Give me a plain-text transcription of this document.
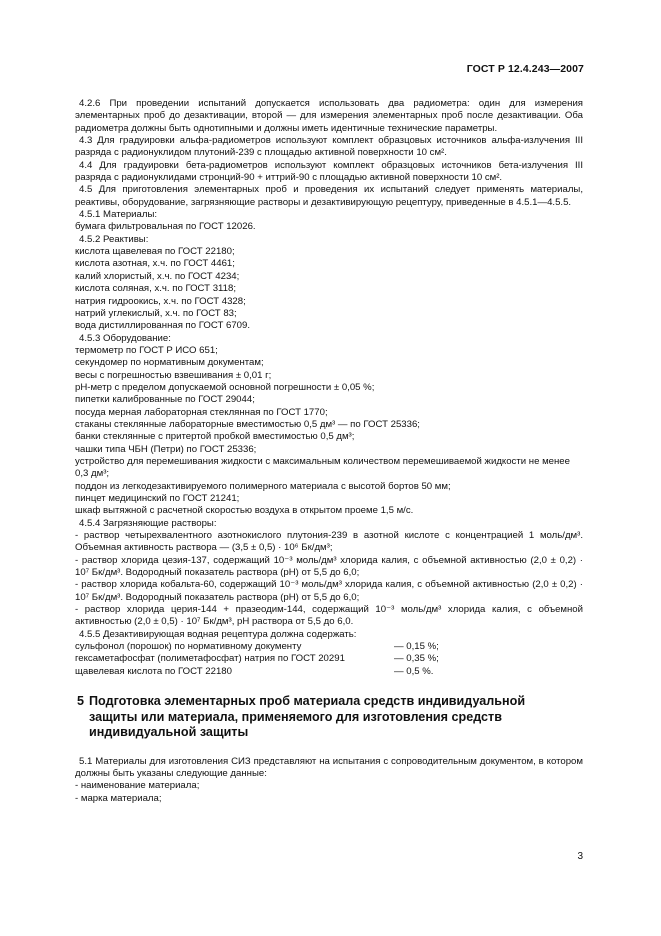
ГОСТ Р 12.4.243—2007

4.2.6 При проведении испытаний допускается использовать два радиометра: один для измерения элементарных проб до дезактивации, второй — для измерения элементарных проб после дезактивации. Оба радиометра должны быть однотипными и должны иметь идентичные технические параметры.

4.3 Для градуировки альфа-радиометров используют комплект образцовых источников альфа-излучения III разряда с радионуклидом плутоний-239 с площадью активной поверхности 10 см².

4.4 Для градуировки бета-радиометров используют комплект образцовых источников бета-излучения III разряда с радионуклидами стронций-90 + иттрий-90 с площадью активной поверхности 10 см².

4.5 Для приготовления элементарных проб и проведения их испытаний следует применять материалы, реактивы, оборудование, загрязняющие растворы и дезактивирующую рецептуру, приведенные в 4.5.1—4.5.5.

4.5.1 Материалы:

бумага фильтровальная по ГОСТ 12026.

4.5.2 Реактивы:

кислота щавелевая по ГОСТ 22180;

кислота азотная, х.ч. по ГОСТ 4461;

калий хлористый, х.ч. по ГОСТ 4234;

кислота соляная, х.ч. по ГОСТ 3118;

натрия гидроокись, х.ч. по ГОСТ 4328;

натрий углекислый, х.ч. по ГОСТ 83;

вода дистиллированная по ГОСТ 6709.

4.5.3 Оборудование:

термометр по ГОСТ Р ИСО 651;

секундомер по нормативным документам;

весы с погрешностью взвешивания ± 0,01 г;

pH-метр с пределом допускаемой основной погрешности ± 0,05 %;

пипетки калиброванные по ГОСТ 29044;

посуда мерная лабораторная стеклянная по ГОСТ 1770;

стаканы стеклянные лабораторные вместимостью 0,5 дм³ — по ГОСТ 25336;

банки стеклянные с притертой пробкой вместимостью 0,5 дм³;

чашки типа ЧБН (Петри) по ГОСТ 25336;

устройство для перемешивания жидкости с максимальным количеством перемешиваемой жидкости не менее 0,3 дм³;

поддон из легкодезактивируемого полимерного материала с высотой бортов 50 мм;

пинцет медицинский по ГОСТ 21241;

шкаф вытяжной с расчетной скоростью воздуха в открытом проеме 1,5 м/с.

4.5.4 Загрязняющие растворы:

- раствор четырехвалентного азотнокислого плутония-239 в азотной кислоте с концентрацией 1 моль/дм³. Объемная активность раствора — (3,5 ± 0,5) · 10⁶ Бк/дм³;

- раствор хлорида цезия-137, содержащий 10⁻³ моль/дм³ хлорида калия, с объемной активностью (2,0 ± 0,2) · 10⁷ Бк/дм³. Водородный показатель раствора (pH) от 5,5 до 6,0;

- раствор хлорида кобальта-60, содержащий 10⁻³ моль/дм³ хлорида калия, с объемной активностью (2,0 ± 0,2) · 10⁷ Бк/дм³. Водородный показатель раствора (pH) от 5,5 до 6,0;

- раствор хлорида церия-144 + празеодим-144, содержащий 10⁻³ моль/дм³ хлорида калия, с объемной активностью (2,0 ± 0,5) · 10⁷ Бк/дм³, pH раствора от 5,5 до 6,0.

4.5.5 Дезактивирующая водная рецептура должна содержать:

сульфонол (порошок) по нормативному документу	— 0,15 %;
гексаметафосфат (полиметафосфат) натрия по ГОСТ 20291	— 0,35 %;
щавелевая кислота по ГОСТ 22180	— 0,5 %.
5 Подготовка элементарных проб материала средств индивидуальной
защиты или материала, применяемого для изготовления средств
индивидуальной защиты

5.1 Материалы для изготовления СИЗ представляют на испытания с сопроводительным документом, в котором должны быть указаны следующие данные:

- наименование материала;

- марка материала;

3
